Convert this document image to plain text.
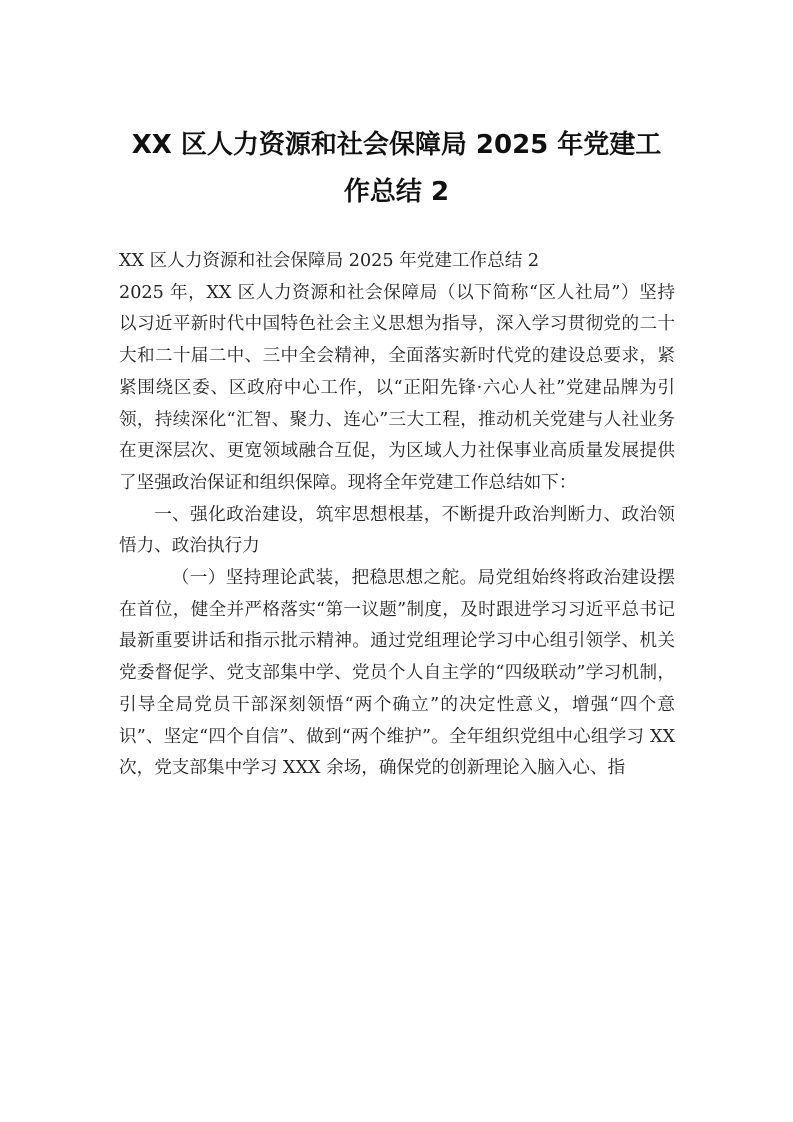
XX 区人力资源和社会保障局 2025 年党建工
作总结 2

XX 区人力资源和社会保障局 2025 年党建工作总结 2

2025 年，XX 区人力资源和社会保障局（以下简称“区人社局”）坚持以习近平新时代中国特色社会主义思想为指导，深入学习贯彻党的二十大和二十届二中、三中全会精神，全面落实新时代党的建设总要求，紧紧围绕区委、区政府中心工作，以“正阳先锋·六心人社”党建品牌为引领，持续深化“汇智、聚力、连心”三大工程，推动机关党建与人社业务在更深层次、更宽领域融合互促，为区域人力社保事业高质量发展提供了坚强政治保证和组织保障。现将全年党建工作总结如下：

一、强化政治建设，筑牢思想根基，不断提升政治判断力、政治领悟力、政治执行力

（一）坚持理论武装，把稳思想之舵。局党组始终将政治建设摆在首位，健全并严格落实“第一议题”制度，及时跟进学习习近平总书记最新重要讲话和指示批示精神。通过党组理论学习中心组引领学、机关党委督促学、党支部集中学、党员个人自主学的“四级联动”学习机制，引导全局党员干部深刻领悟“两个确立”的决定性意义，增强“四个意识”、坚定“四个自信”、做到“两个维护”。全年组织党组中心组学习 XX 次，党支部集中学习 XXX 余场，确保党的创新理论入脑入心、指
